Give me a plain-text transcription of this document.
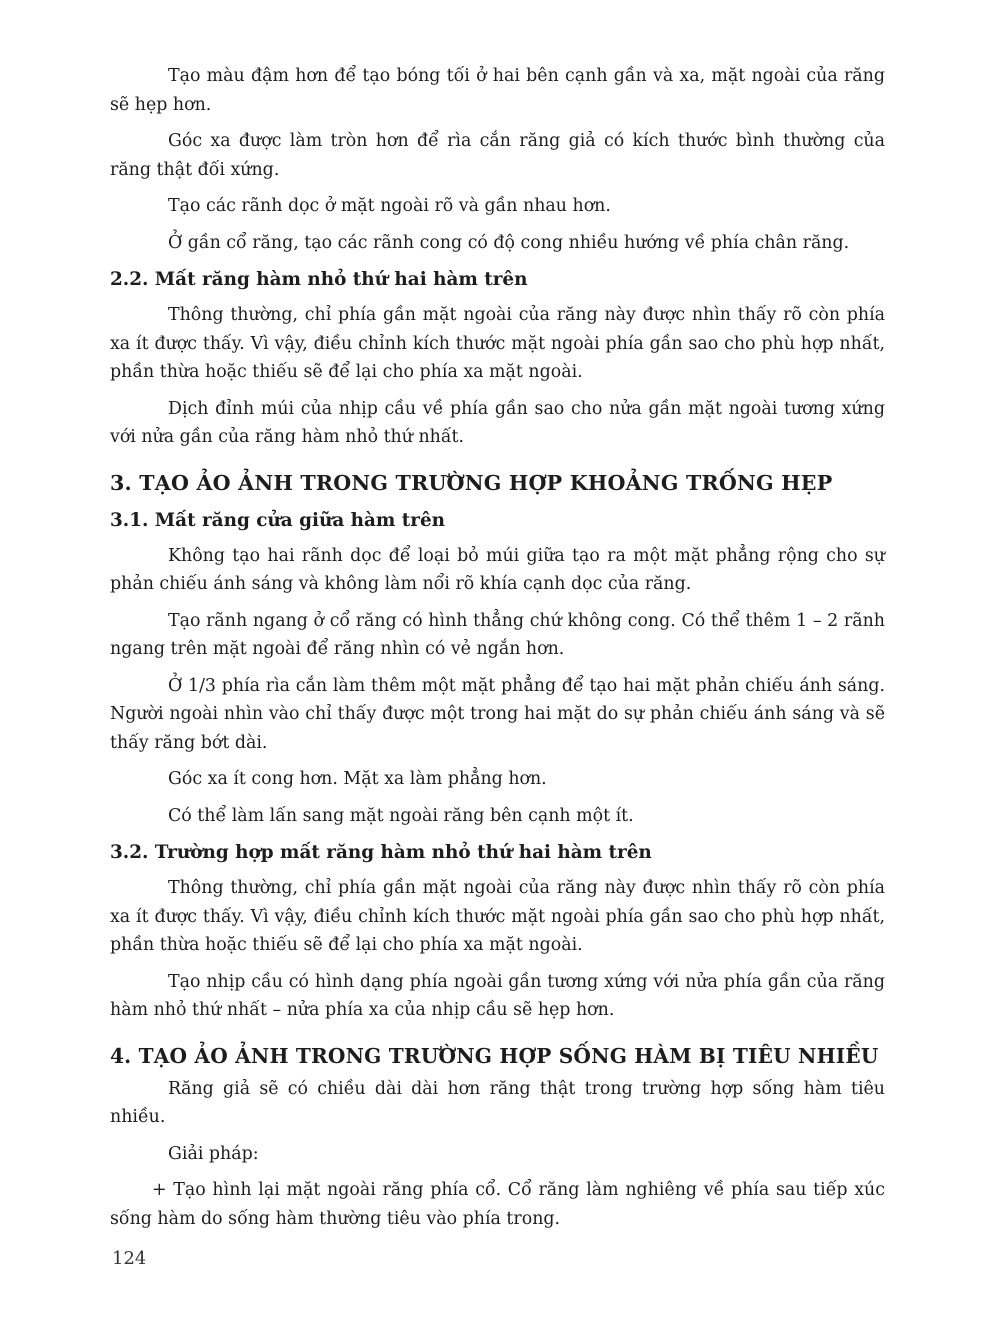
Tạo màu đậm hơn để tạo bóng tối ở hai bên cạnh gần và xa, mặt ngoài của răng sẽ hẹp hơn.

Góc xa được làm tròn hơn để rìa cắn răng giả có kích thước bình thường của răng thật đối xứng.

Tạo các rãnh dọc ở mặt ngoài rõ và gần nhau hơn.

Ở gần cổ răng, tạo các rãnh cong có độ cong nhiều hướng về phía chân răng.

2.2. Mất răng hàm nhỏ thứ hai hàm trên

Thông thường, chỉ phía gần mặt ngoài của răng này được nhìn thấy rõ còn phía xa ít được thấy. Vì vậy, điều chỉnh kích thước mặt ngoài phía gần sao cho phù hợp nhất, phần thừa hoặc thiếu sẽ để lại cho phía xa mặt ngoài.

Dịch đỉnh múi của nhịp cầu về phía gần sao cho nửa gần mặt ngoài tương xứng với nửa gần của răng hàm nhỏ thứ nhất.

3. TẠO ẢO ẢNH TRONG TRƯỜNG HỢP KHOẢNG TRỐNG HẸP
3.1. Mất răng cửa giữa hàm trên

Không tạo hai rãnh dọc để loại bỏ múi giữa tạo ra một mặt phẳng rộng cho sự phản chiếu ánh sáng và không làm nổi rõ khía cạnh dọc của răng.

Tạo rãnh ngang ở cổ răng có hình thẳng chứ không cong. Có thể thêm 1 – 2 rãnh ngang trên mặt ngoài để răng nhìn có vẻ ngắn hơn.

Ở 1/3 phía rìa cắn làm thêm một mặt phẳng để tạo hai mặt phản chiếu ánh sáng. Người ngoài nhìn vào chỉ thấy được một trong hai mặt do sự phản chiếu ánh sáng và sẽ thấy răng bớt dài.

Góc xa ít cong hơn. Mặt xa làm phẳng hơn.

Có thể làm lấn sang mặt ngoài răng bên cạnh một ít.

3.2. Trường hợp mất răng hàm nhỏ thứ hai hàm trên

Thông thường, chỉ phía gần mặt ngoài của răng này được nhìn thấy rõ còn phía xa ít được thấy. Vì vậy, điều chỉnh kích thước mặt ngoài phía gần sao cho phù hợp nhất, phần thừa hoặc thiếu sẽ để lại cho phía xa mặt ngoài.

Tạo nhịp cầu có hình dạng phía ngoài gần tương xứng với nửa phía gần của răng hàm nhỏ thứ nhất – nửa phía xa của nhịp cầu sẽ hẹp hơn.

4. TẠO ẢO ẢNH TRONG TRƯỜNG HỢP SỐNG HÀM BỊ TIÊU NHIỀU

Răng giả sẽ có chiều dài dài hơn răng thật trong trường hợp sống hàm tiêu nhiều.

Giải pháp:

+ Tạo hình lại mặt ngoài răng phía cổ. Cổ răng làm nghiêng về phía sau tiếp xúc sống hàm do sống hàm thường tiêu vào phía trong.

124
